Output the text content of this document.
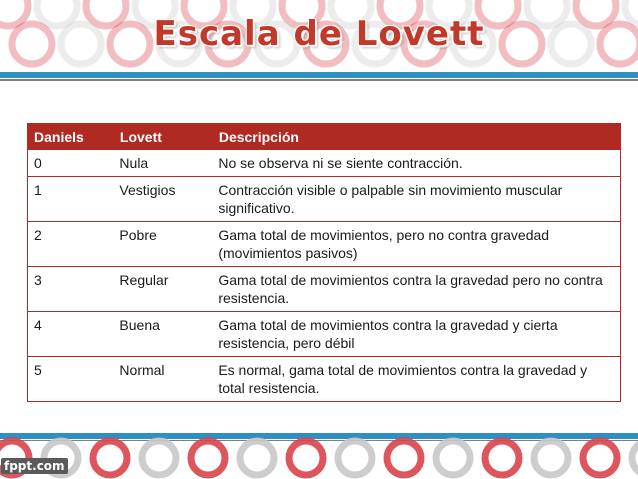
Escala de Lovett
Daniels	Lovett	Descripción
0	Nula	No se observa ni se siente contracción.
1	Vestigios	Contracción visible o palpable sin movimiento muscular significativo.
2	Pobre	Gama total de movimientos, pero no contra gravedad (movimientos pasivos)
3	Regular	Gama total de movimientos contra la gravedad pero no contra resistencia.
4	Buena	Gama total de movimientos contra la gravedad y cierta resistencia, pero débil
5	Normal	Es normal, gama total de movimientos contra la gravedad y total resistencia.
fppt.com
